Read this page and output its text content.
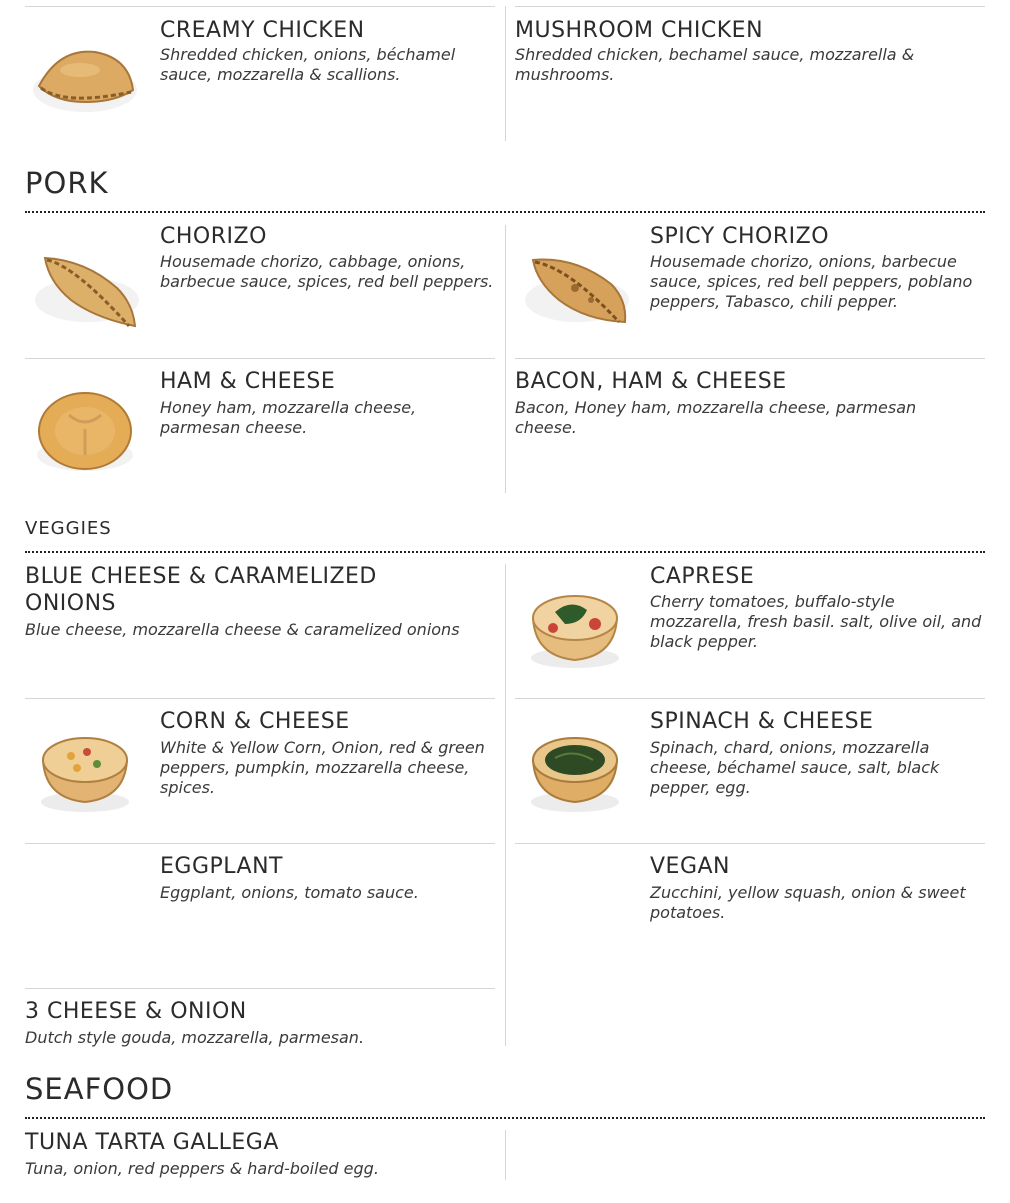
CREAMY CHICKEN
Shredded chicken, onions, béchamel sauce, mozzarella & scallions.
MUSHROOM CHICKEN
Shredded chicken, bechamel sauce, mozzarella & mushrooms.
PORK
CHORIZO
Housemade chorizo, cabbage, onions, barbecue sauce, spices, red bell peppers.
SPICY CHORIZO
Housemade chorizo, onions, barbecue sauce, spices, red bell peppers, poblano peppers, Tabasco, chili pepper.
HAM & CHEESE
Honey ham, mozzarella cheese, parmesan cheese.
BACON, HAM & CHEESE
Bacon, Honey ham, mozzarella cheese, parmesan cheese.
VEGGIES
BLUE CHEESE & CARAMELIZED ONIONS
Blue cheese, mozzarella cheese & caramelized onions
CAPRESE
Cherry tomatoes, buffalo-style mozzarella, fresh basil. salt, olive oil, and black pepper.
CORN & CHEESE
White & Yellow Corn, Onion, red & green peppers, pumpkin, mozzarella cheese, spices.
SPINACH & CHEESE
Spinach, chard, onions, mozzarella cheese, béchamel sauce, salt, black pepper, egg.
EGGPLANT
Eggplant, onions, tomato sauce.
VEGAN
Zucchini, yellow squash, onion & sweet potatoes.
3 CHEESE & ONION
Dutch style gouda, mozzarella, parmesan.
SEAFOOD
TUNA TARTA GALLEGA
Tuna, onion, red peppers & hard-boiled egg.
